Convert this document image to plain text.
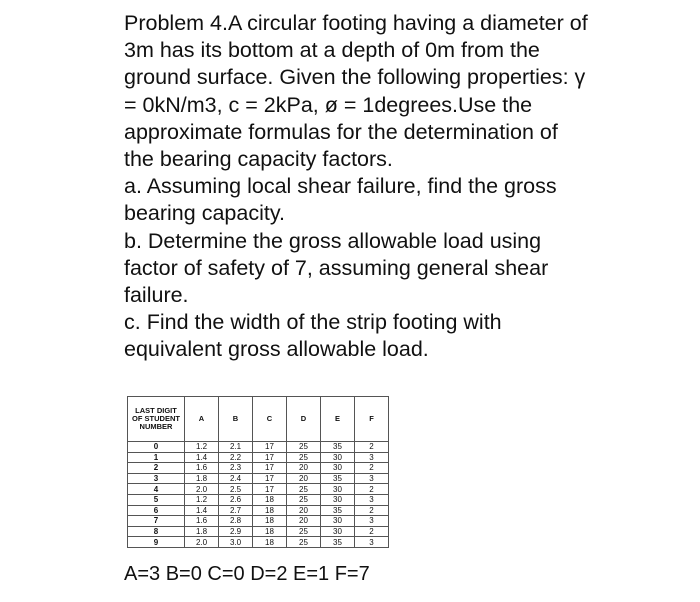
Problem 4.A circular footing having a diameter of
3m has its bottom at a depth of 0m from the
ground surface. Given the following properties: γ
= 0kN/m3, c = 2kPa, ø = 1degrees.Use the
approximate formulas for the determination of
the bearing capacity factors.
a. Assuming local shear failure, find the gross
bearing capacity.
b. Determine the gross allowable load using
factor of safety of 7, assuming general shear
failure.
c. Find the width of the strip footing with
equivalent gross allowable load.
LAST DIGIT OF STUDENT NUMBER	A	B	C	D	E	F
0	1.2	2.1	17	25	35	2
1	1.4	2.2	17	25	30	3
2	1.6	2.3	17	20	30	2
3	1.8	2.4	17	20	35	3
4	2.0	2.5	17	25	30	2
5	1.2	2.6	18	25	30	3
6	1.4	2.7	18	20	35	2
7	1.6	2.8	18	20	30	3
8	1.8	2.9	18	25	30	2
9	2.0	3.0	18	25	35	3
A=3 B=0 C=0 D=2 E=1 F=7
